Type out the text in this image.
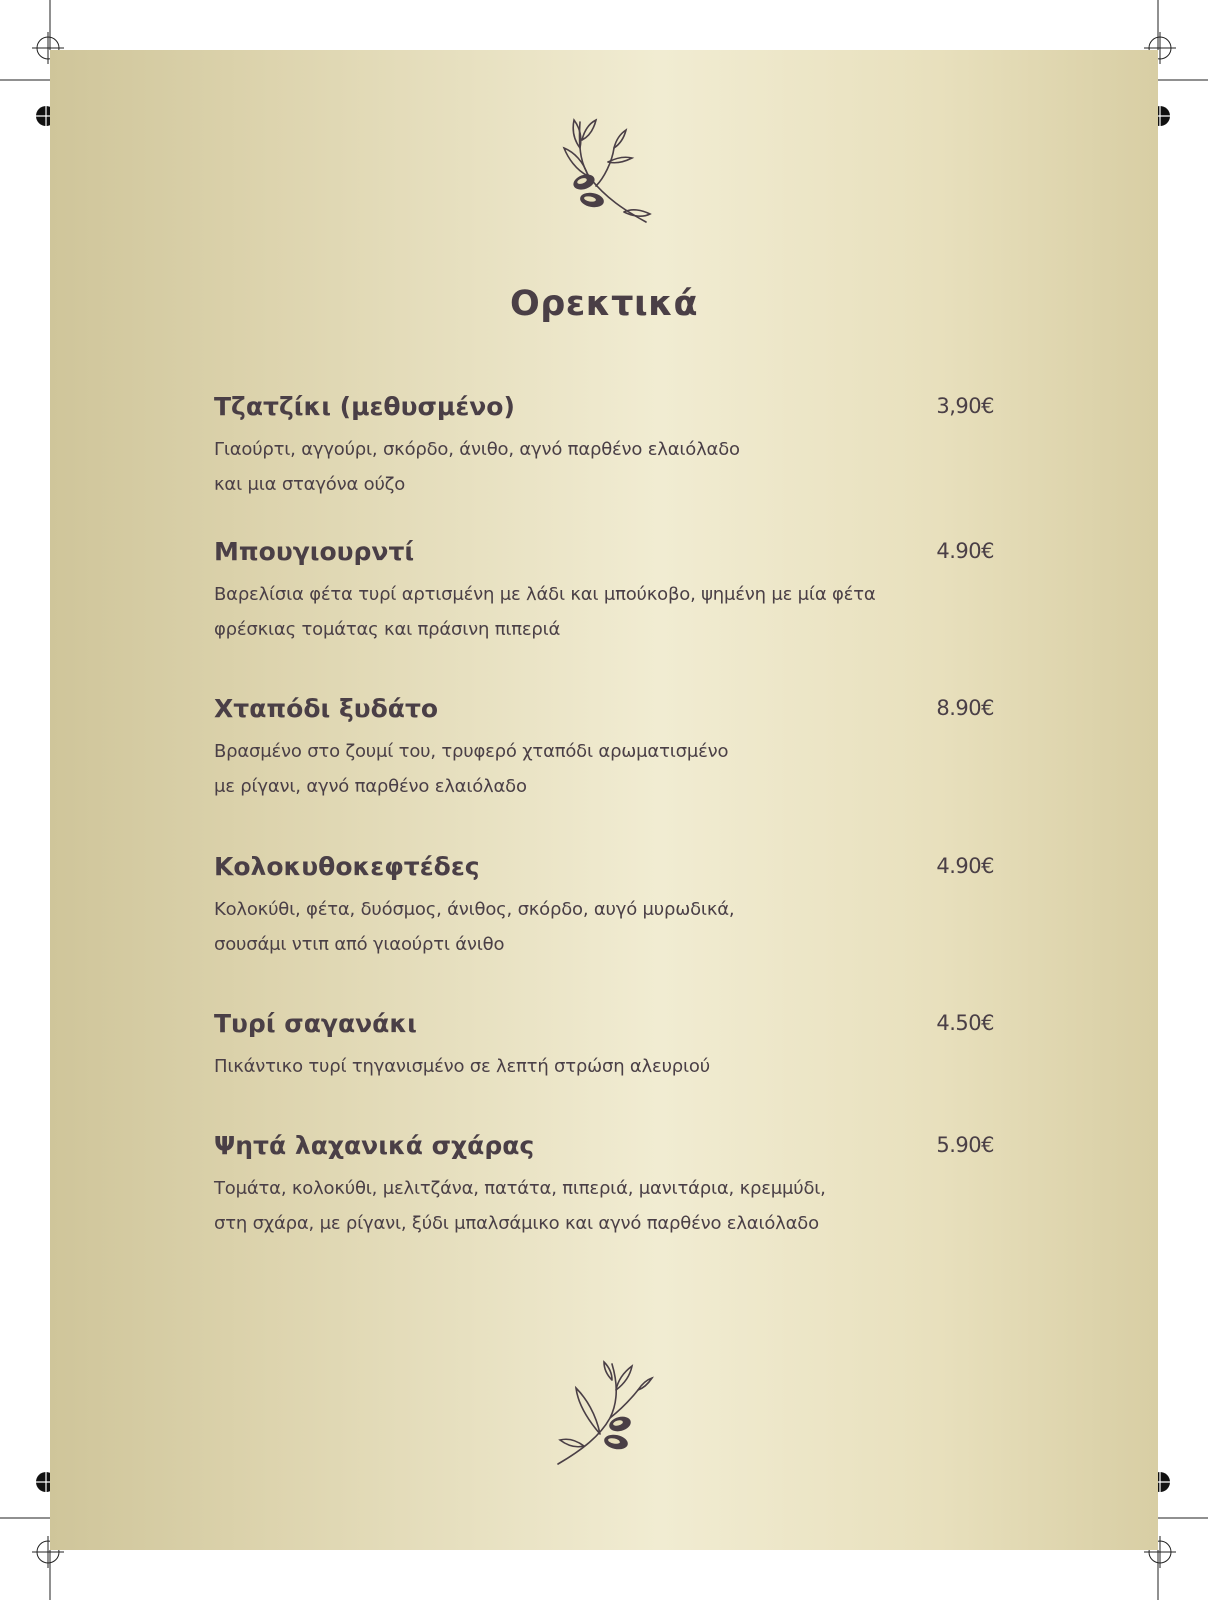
Ορεκτικά
Τζατζίκι (μεθυσμένο)	3,90€
Γιαούρτι, αγγούρι, σκόρδο, άνιθο, αγνό παρθένο ελαιόλαδο
και μια σταγόνα ούζο
Μπουγιουρντί	4.90€
Βαρελίσια φέτα τυρί αρτισμένη με λάδι και μπούκοβο, ψημένη με μία φέτα
φρέσκιας τομάτας και πράσινη πιπεριά
Χταπόδι ξυδάτο	8.90€
Βρασμένο στο ζουμί του, τρυφερό χταπόδι αρωματισμένο
με ρίγανι, αγνό παρθένο ελαιόλαδο
Κολοκυθοκεφτέδες	4.90€
Κολοκύθι, φέτα, δυόσμος, άνιθος, σκόρδο, αυγό μυρωδικά,
σουσάμι ντιπ από γιαούρτι άνιθο
Τυρί σαγανάκι	4.50€
Πικάντικο τυρί τηγανισμένο σε λεπτή στρώση αλευριού
Ψητά λαχανικά σχάρας	5.90€
Τομάτα, κολοκύθι, μελιτζάνα, πατάτα, πιπεριά, μανιτάρια, κρεμμύδι,
στη σχάρα, με ρίγανι, ξύδι μπαλσάμικο και αγνό παρθένο ελαιόλαδο
